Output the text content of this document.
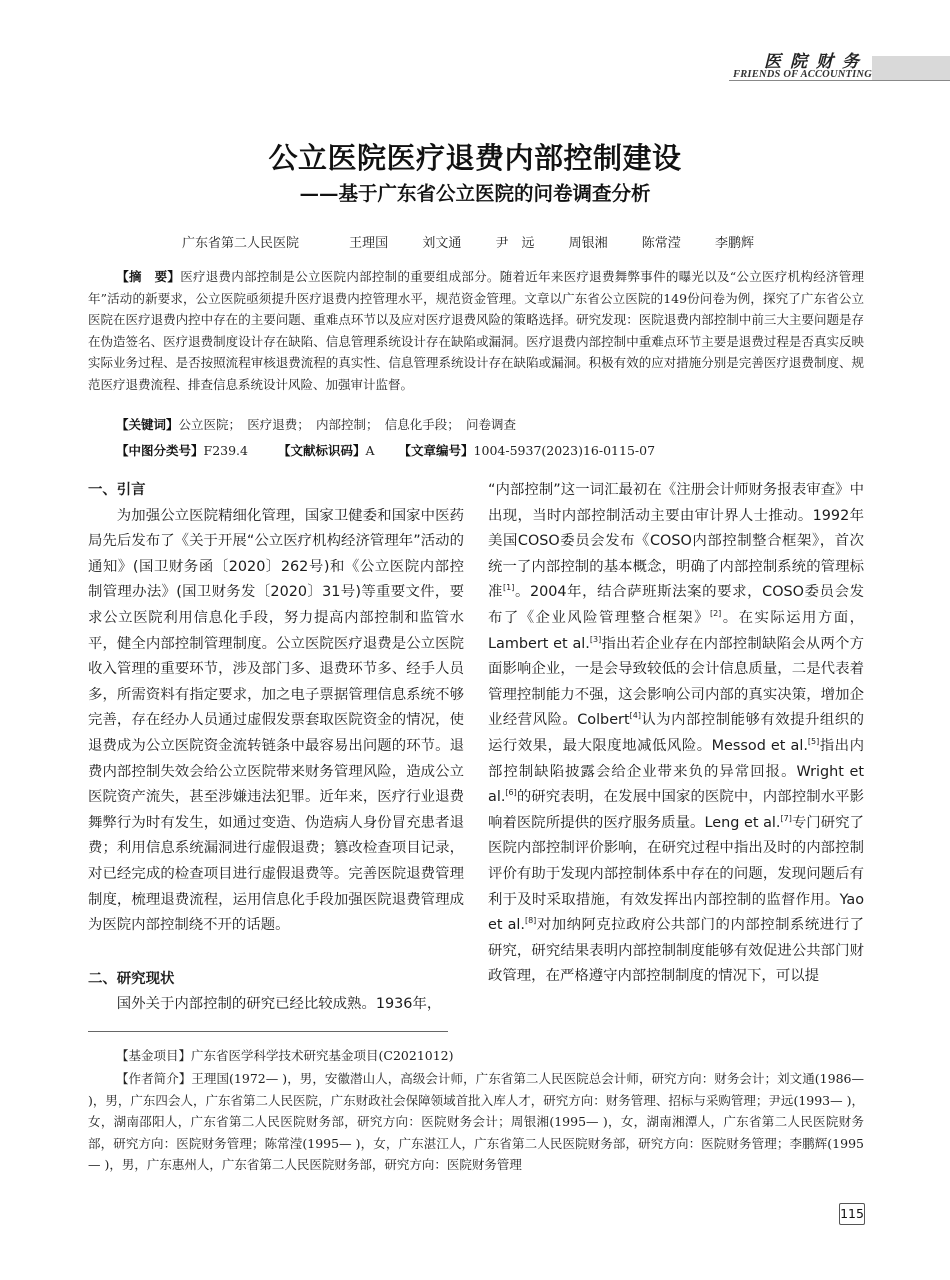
医院财务
FRIENDS OF ACCOUNTING
公立医院医疗退费内部控制建设
——基于广东省公立医院的问卷调查分析
广东省第二人民医院	王理国	刘文通	尹　远	周银湘	陈常滢	李鹏辉
【摘　要】医疗退费内部控制是公立医院内部控制的重要组成部分。随着近年来医疗退费舞弊事件的曝光以及“公立医疗机构经济管理年”活动的新要求，公立医院亟须提升医疗退费内控管理水平，规范资金管理。文章以广东省公立医院的149份问卷为例，探究了广东省公立医院在医疗退费内控中存在的主要问题、重难点环节以及应对医疗退费风险的策略选择。研究发现：医院退费内部控制中前三大主要问题是存在伪造签名、医疗退费制度设计存在缺陷、信息管理系统设计存在缺陷或漏洞。医疗退费内部控制中重难点环节主要是退费过程是否真实反映实际业务过程、是否按照流程审核退费流程的真实性、信息管理系统设计存在缺陷或漏洞。积极有效的应对措施分别是完善医疗退费制度、规范医疗退费流程、排查信息系统设计风险、加强审计监督。
【关键词】公立医院；　医疗退费；　内部控制；　信息化手段；　问卷调查
【中图分类号】F239.4 【文献标识码】A 【文章编号】1004-5937(2023)16-0115-07
一、引言

为加强公立医院精细化管理，国家卫健委和国家中医药局先后发布了《关于开展“公立医疗机构经济管理年”活动的通知》(国卫财务函〔2020〕262号)和《公立医院内部控制管理办法》(国卫财务发〔2020〕31号)等重要文件，要求公立医院利用信息化手段，努力提高内部控制和监管水平，健全内部控制管理制度。公立医院医疗退费是公立医院收入管理的重要环节，涉及部门多、退费环节多、经手人员多，所需资料有指定要求，加之电子票据管理信息系统不够完善，存在经办人员通过虚假发票套取医院资金的情况，使退费成为公立医院资金流转链条中最容易出问题的环节。退费内部控制失效会给公立医院带来财务管理风险，造成公立医院资产流失，甚至涉嫌违法犯罪。近年来，医疗行业退费舞弊行为时有发生，如通过变造、伪造病人身份冒充患者退费；利用信息系统漏洞进行虚假退费；篡改检查项目记录，对已经完成的检查项目进行虚假退费等。完善医院退费管理制度，梳理退费流程，运用信息化手段加强医院退费管理成为医院内部控制绕不开的话题。

二、研究现状

国外关于内部控制的研究已经比较成熟。1936年，

“内部控制”这一词汇最初在《注册会计师财务报表审查》中出现，当时内部控制活动主要由审计界人士推动。1992年美国COSO委员会发布《COSO内部控制整合框架》，首次统一了内部控制的基本概念，明确了内部控制系统的管理标准[1]。2004年，结合萨班斯法案的要求，COSO委员会发布了《企业风险管理整合框架》[2]。在实际运用方面，Lambert et al.[3]指出若企业存在内部控制缺陷会从两个方面影响企业，一是会导致较低的会计信息质量，二是代表着管理控制能力不强，这会影响公司内部的真实决策，增加企业经营风险。Colbert[4]认为内部控制能够有效提升组织的运行效果，最大限度地减低风险。Messod et al.[5]指出内部控制缺陷披露会给企业带来负的异常回报。Wright et al.[6]的研究表明，在发展中国家的医院中，内部控制水平影响着医院所提供的医疗服务质量。Leng et al.[7]专门研究了医院内部控制评价影响，在研究过程中指出及时的内部控制评价有助于发现内部控制体系中存在的问题，发现问题后有利于及时采取措施，有效发挥出内部控制的监督作用。Yao et al.[8]对加纳阿克拉政府公共部门的内部控制系统进行了研究，研究结果表明内部控制制度能够有效促进公共部门财政管理，在严格遵守内部控制制度的情况下，可以提

【基金项目】广东省医学科学技术研究基金项目(C2021012)
【作者简介】王理国(1972— )，男，安徽潜山人，高级会计师，广东省第二人民医院总会计师，研究方向：财务会计；刘文通(1986— )，男，广东四会人，广东省第二人民医院，广东财政社会保障领域首批入库人才，研究方向：财务管理、招标与采购管理；尹远(1993— )，女，湖南邵阳人，广东省第二人民医院财务部，研究方向：医院财务会计；周银湘(1995— )，女，湖南湘潭人，广东省第二人民医院财务部，研究方向：医院财务管理；陈常滢(1995— )，女，广东湛江人，广东省第二人民医院财务部，研究方向：医院财务管理；李鹏辉(1995— )，男，广东惠州人，广东省第二人民医院财务部，研究方向：医院财务管理
115
